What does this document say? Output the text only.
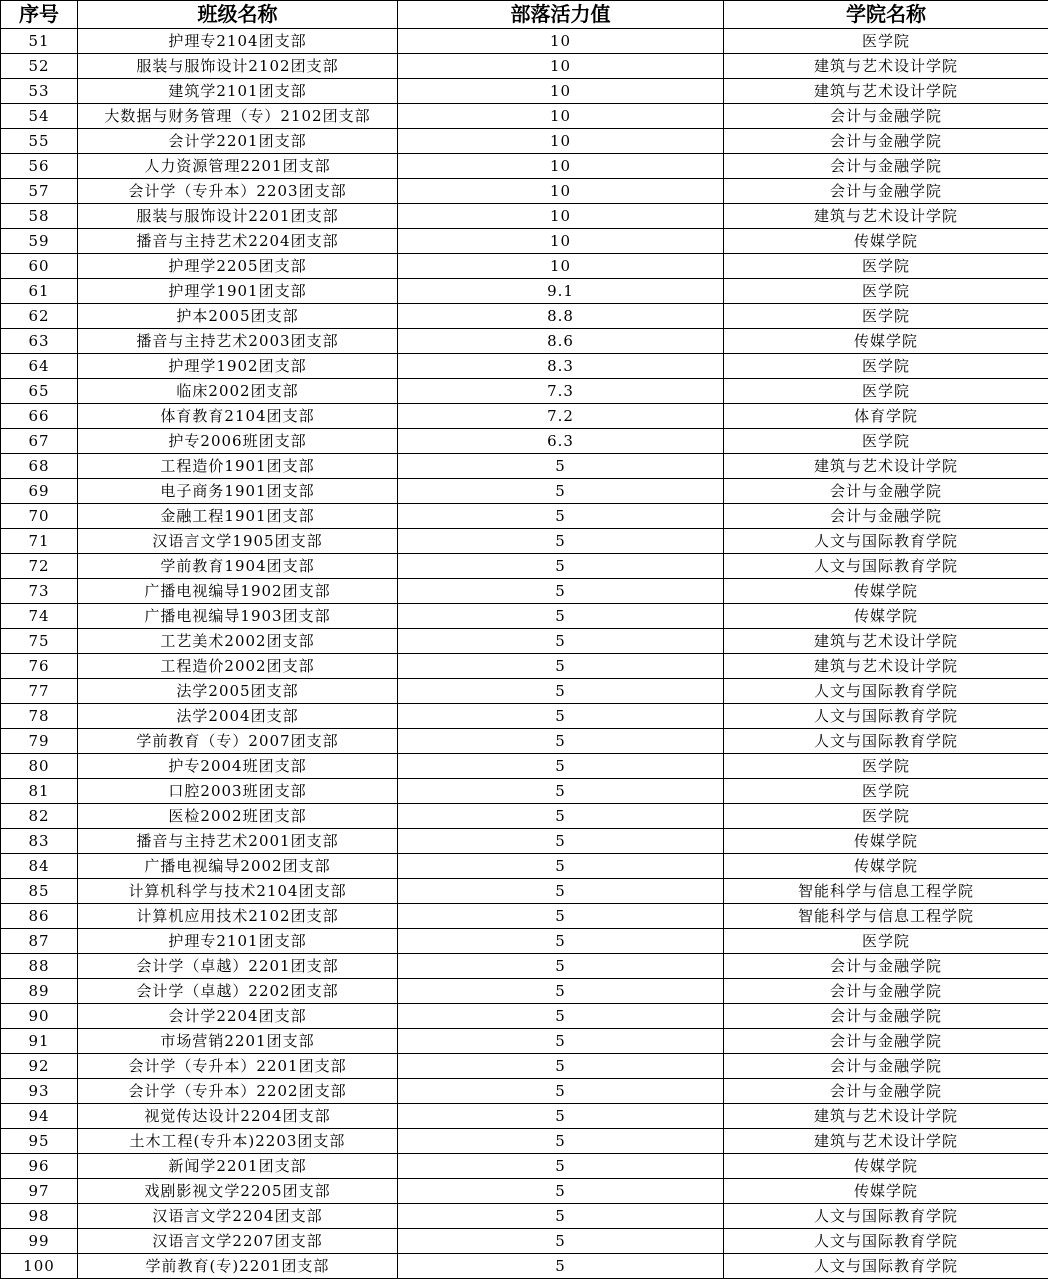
序号	班级名称	部落活力值	学院名称
51	护理专2104团支部	10	医学院
52	服装与服饰设计2102团支部	10	建筑与艺术设计学院
53	建筑学2101团支部	10	建筑与艺术设计学院
54	大数据与财务管理（专）2102团支部	10	会计与金融学院
55	会计学2201团支部	10	会计与金融学院
56	人力资源管理2201团支部	10	会计与金融学院
57	会计学（专升本）2203团支部	10	会计与金融学院
58	服装与服饰设计2201团支部	10	建筑与艺术设计学院
59	播音与主持艺术2204团支部	10	传媒学院
60	护理学2205团支部	10	医学院
61	护理学1901团支部	9.1	医学院
62	护本2005团支部	8.8	医学院
63	播音与主持艺术2003团支部	8.6	传媒学院
64	护理学1902团支部	8.3	医学院
65	临床2002团支部	7.3	医学院
66	体育教育2104团支部	7.2	体育学院
67	护专2006班团支部	6.3	医学院
68	工程造价1901团支部	5	建筑与艺术设计学院
69	电子商务1901团支部	5	会计与金融学院
70	金融工程1901团支部	5	会计与金融学院
71	汉语言文学1905团支部	5	人文与国际教育学院
72	学前教育1904团支部	5	人文与国际教育学院
73	广播电视编导1902团支部	5	传媒学院
74	广播电视编导1903团支部	5	传媒学院
75	工艺美术2002团支部	5	建筑与艺术设计学院
76	工程造价2002团支部	5	建筑与艺术设计学院
77	法学2005团支部	5	人文与国际教育学院
78	法学2004团支部	5	人文与国际教育学院
79	学前教育（专）2007团支部	5	人文与国际教育学院
80	护专2004班团支部	5	医学院
81	口腔2003班团支部	5	医学院
82	医检2002班团支部	5	医学院
83	播音与主持艺术2001团支部	5	传媒学院
84	广播电视编导2002团支部	5	传媒学院
85	计算机科学与技术2104团支部	5	智能科学与信息工程学院
86	计算机应用技术2102团支部	5	智能科学与信息工程学院
87	护理专2101团支部	5	医学院
88	会计学（卓越）2201团支部	5	会计与金融学院
89	会计学（卓越）2202团支部	5	会计与金融学院
90	会计学2204团支部	5	会计与金融学院
91	市场营销2201团支部	5	会计与金融学院
92	会计学（专升本）2201团支部	5	会计与金融学院
93	会计学（专升本）2202团支部	5	会计与金融学院
94	视觉传达设计2204团支部	5	建筑与艺术设计学院
95	土木工程(专升本)2203团支部	5	建筑与艺术设计学院
96	新闻学2201团支部	5	传媒学院
97	戏剧影视文学2205团支部	5	传媒学院
98	汉语言文学2204团支部	5	人文与国际教育学院
99	汉语言文学2207团支部	5	人文与国际教育学院
100	学前教育(专)2201团支部	5	人文与国际教育学院
